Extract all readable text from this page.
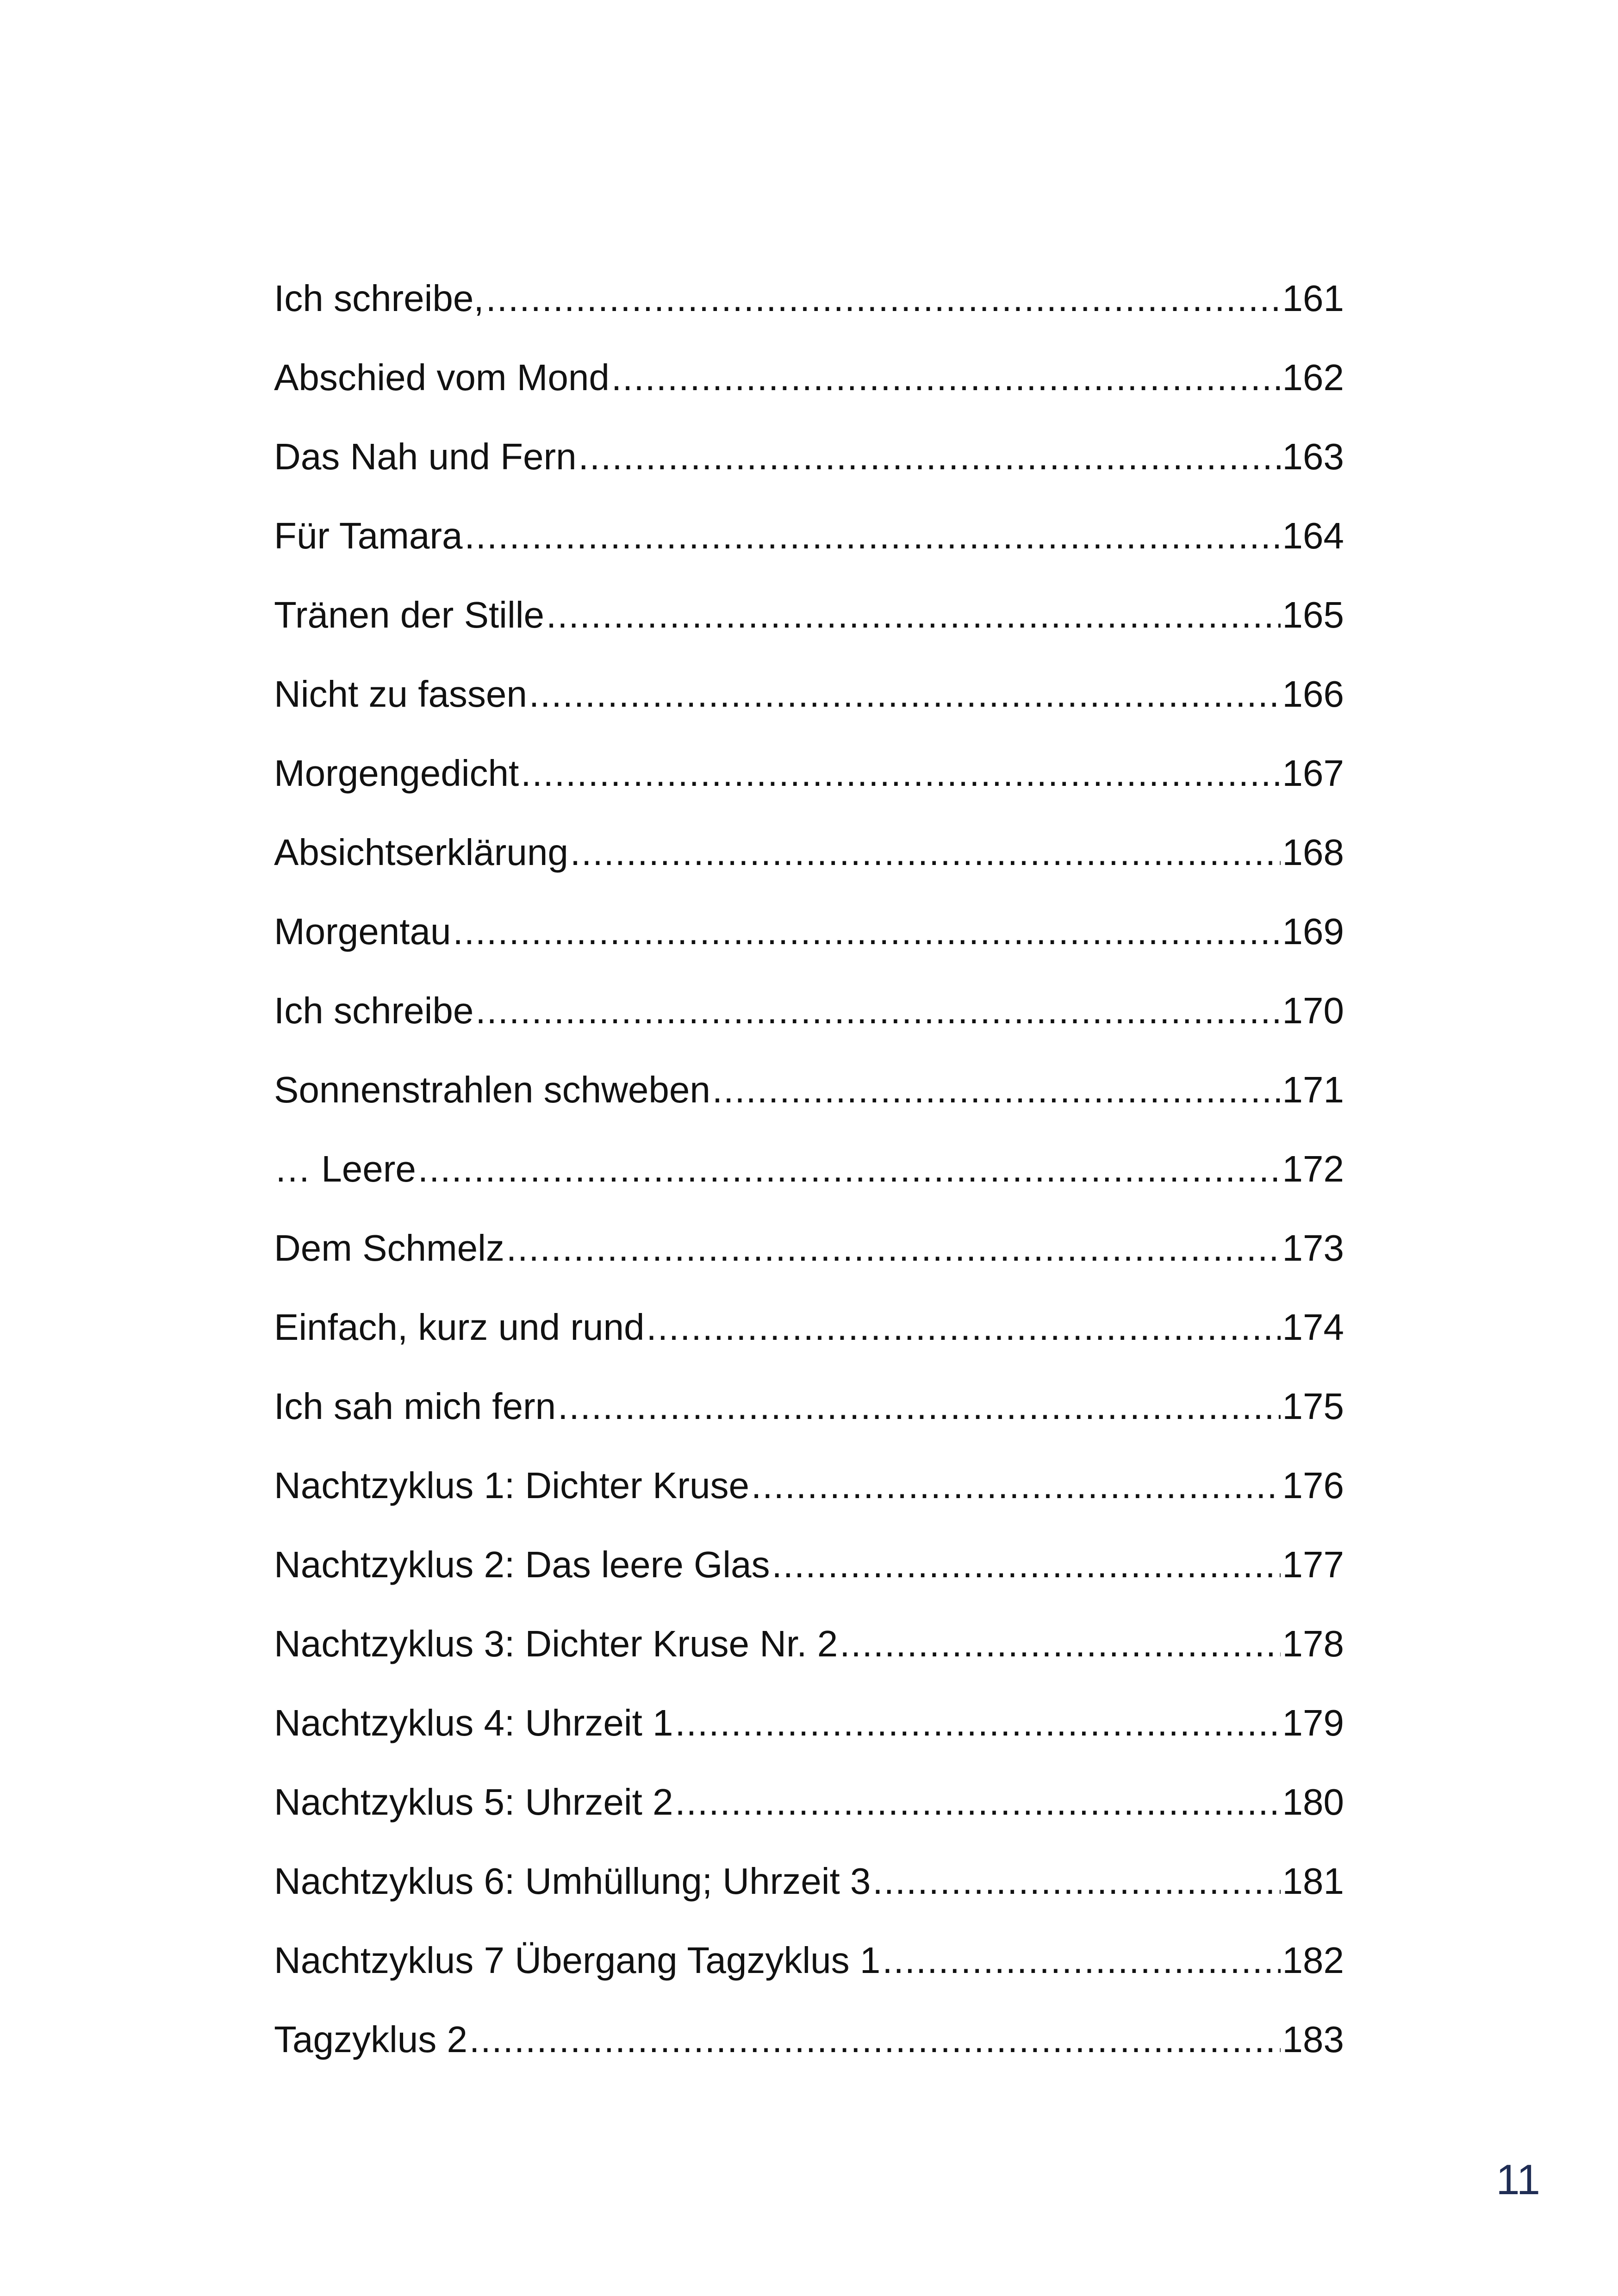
Ich schreibe, .....	161
Abschied vom Mond .....	162
Das Nah und Fern .....	163
Für Tamara .....	164
Tränen der Stille .....	165
Nicht zu fassen .....	166
Morgengedicht .....	167
Absichtserklärung .....	168
Morgentau .....	169
Ich schreibe .....	170
Sonnenstrahlen schweben .....	171
… Leere .....	172
Dem Schmelz .....	173
Einfach, kurz und rund .....	174
Ich sah mich fern .....	175
Nachtzyklus 1: Dichter Kruse .....	176
Nachtzyklus 2: Das leere Glas .....	177
Nachtzyklus 3: Dichter Kruse Nr. 2 .....	178
Nachtzyklus 4: Uhrzeit 1 .....	179
Nachtzyklus 5: Uhrzeit 2 .....	180
Nachtzyklus 6: Umhüllung; Uhrzeit 3 .....	181
Nachtzyklus 7 Übergang Tagzyklus 1 .....	182
Tagzyklus 2 .....	183
11
